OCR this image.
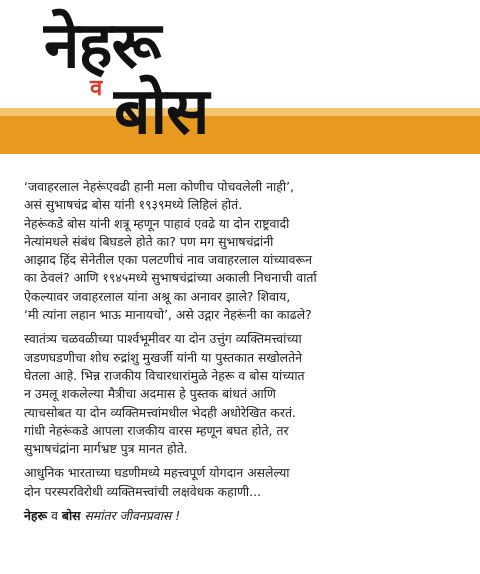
नेहरू
व बोस
‘जवाहरलाल नेहरूंएवढी हानी मला कोणीच पोचवलेली नाही’,
असं सुभाषचंद्र बोस यांनी १९३९मध्ये लिहिलं होतं.
नेहरूंकडे बोस यांनी शत्रू म्हणून पाहावं एवढे या दोन राष्ट्रवादी
नेत्यांमधले संबंध बिघडले होते का? पण मग सुभाषचंद्रांनी
आझाद हिंद सेनेतील एका पलटणीचं नाव जवाहरलाल यांच्यावरून
का ठेवलं? आणि १९४५मध्ये सुभाषचंद्रांच्या अकाली निधनाची वार्ता
ऐकल्यावर जवाहरलाल यांना अश्रू का अनावर झाले? शिवाय,
‘मी त्यांना लहान भाऊ मानायचो’, असे उद्गार नेहरूंनी का काढले?
स्वातंत्र्य चळवळीच्या पार्श्वभूमीवर या दोन उत्तुंग व्यक्तिमत्त्वांच्या
जडणघडणीचा शोध रुद्रांशु मुखर्जी यांनी या पुस्तकात सखोलतेने
घेतला आहे. भिन्न राजकीय विचारधारांमुळे नेहरू व बोस यांच्यात
न उमलू शकलेल्या मैत्रीचा अदमास हे पुस्तक बांधतं आणि
त्याचसोबत या दोन व्यक्तिमत्त्वांमधील भेदही अधोरेखित करतं.
गांधी नेहरूंकडे आपला राजकीय वारस म्हणून बघत होते, तर
सुभाषचंद्रांना मार्गभ्रष्ट पुत्र मानत होते.
आधुनिक भारताच्या घडणीमध्ये महत्त्वपूर्ण योगदान असलेल्या
दोन परस्परविरोधी व्यक्तिमत्त्वांची लक्षवेधक कहाणी...
नेहरू व बोस समांतर जीवनप्रवास !
